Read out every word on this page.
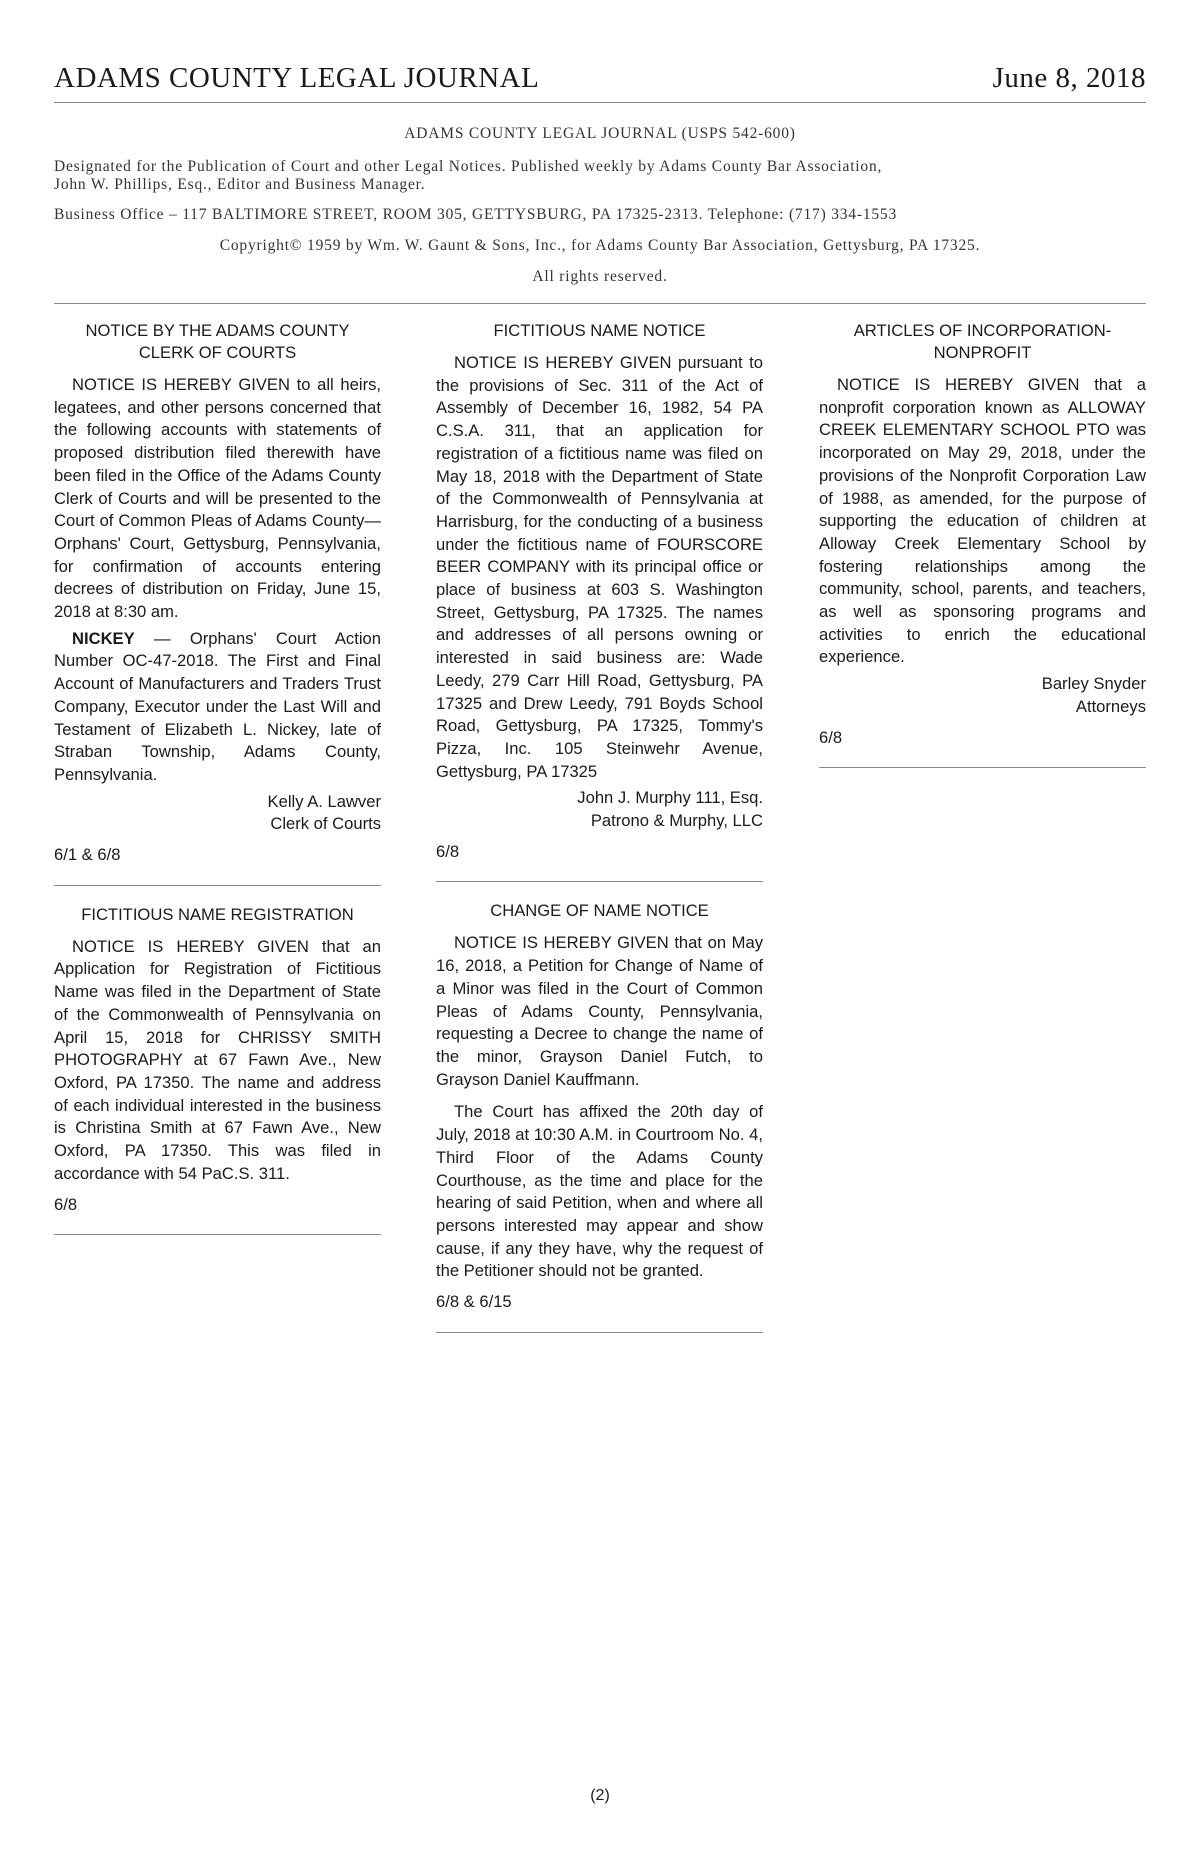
ADAMS COUNTY LEGAL JOURNAL	June 8, 2018

ADAMS COUNTY LEGAL JOURNAL (USPS 542-600)

Designated for the Publication of Court and other Legal Notices. Published weekly by Adams County Bar Association,

John W. Phillips, Esq., Editor and Business Manager.

Business Office – 117 BALTIMORE STREET, ROOM 305, GETTYSBURG, PA 17325-2313. Telephone: (717) 334-1553

Copyright© 1959 by Wm. W. Gaunt & Sons, Inc., for Adams County Bar Association, Gettysburg, PA 17325.

All rights reserved.

NOTICE BY THE ADAMS COUNTY
CLERK OF COURTS

NOTICE IS HEREBY GIVEN to all heirs, legatees, and other persons concerned that the following accounts with statements of proposed distribution filed therewith have been filed in the Office of the Adams County Clerk of Courts and will be presented to the Court of Common Pleas of Adams County—Orphans' Court, Gettysburg, Pennsylvania, for confirmation of accounts entering decrees of distribution on Friday, June 15, 2018 at 8:30 am.

NICKEY — Orphans' Court Action Number OC-47-2018. The First and Final Account of Manufacturers and Traders Trust Company, Executor under the Last Will and Testament of Elizabeth L. Nickey, late of Straban Township, Adams County, Pennsylvania.

Kelly A. Lawver

Clerk of Courts

6/1 & 6/8

FICTITIOUS NAME REGISTRATION

NOTICE IS HEREBY GIVEN that an Application for Registration of Fictitious Name was filed in the Department of State of the Commonwealth of Pennsylvania on April 15, 2018 for CHRISSY SMITH PHOTOGRAPHY at 67 Fawn Ave., New Oxford, PA 17350. The name and address of each individual interested in the business is Christina Smith at 67 Fawn Ave., New Oxford, PA 17350. This was filed in accordance with 54 PaC.S. 311.

6/8

FICTITIOUS NAME NOTICE

NOTICE IS HEREBY GIVEN pursuant to the provisions of Sec. 311 of the Act of Assembly of December 16, 1982, 54 PA C.S.A. 311, that an application for registration of a fictitious name was filed on May 18, 2018 with the Department of State of the Commonwealth of Pennsylvania at Harrisburg, for the conducting of a business under the fictitious name of FOURSCORE BEER COMPANY with its principal office or place of business at 603 S. Washington Street, Gettysburg, PA 17325. The names and addresses of all persons owning or interested in said business are: Wade Leedy, 279 Carr Hill Road, Gettysburg, PA 17325 and Drew Leedy, 791 Boyds School Road, Gettysburg, PA 17325, Tommy's Pizza, Inc. 105 Steinwehr Avenue, Gettysburg, PA 17325

John J. Murphy 111, Esq.

Patrono & Murphy, LLC

6/8

CHANGE OF NAME NOTICE

NOTICE IS HEREBY GIVEN that on May 16, 2018, a Petition for Change of Name of a Minor was filed in the Court of Common Pleas of Adams County, Pennsylvania, requesting a Decree to change the name of the minor, Grayson Daniel Futch, to Grayson Daniel Kauffmann.

The Court has affixed the 20th day of July, 2018 at 10:30 A.M. in Courtroom No. 4, Third Floor of the Adams County Courthouse, as the time and place for the hearing of said Petition, when and where all persons interested may appear and show cause, if any they have, why the request of the Petitioner should not be granted.

6/8 & 6/15

ARTICLES OF INCORPORATION-
NONPROFIT

NOTICE IS HEREBY GIVEN that a nonprofit corporation known as ALLOWAY CREEK ELEMENTARY SCHOOL PTO was incorporated on May 29, 2018, under the provisions of the Nonprofit Corporation Law of 1988, as amended, for the purpose of supporting the education of children at Alloway Creek Elementary School by fostering relationships among the community, school, parents, and teachers, as well as sponsoring programs and activities to enrich the educational experience.

Barley Snyder

Attorneys

6/8

(2)
